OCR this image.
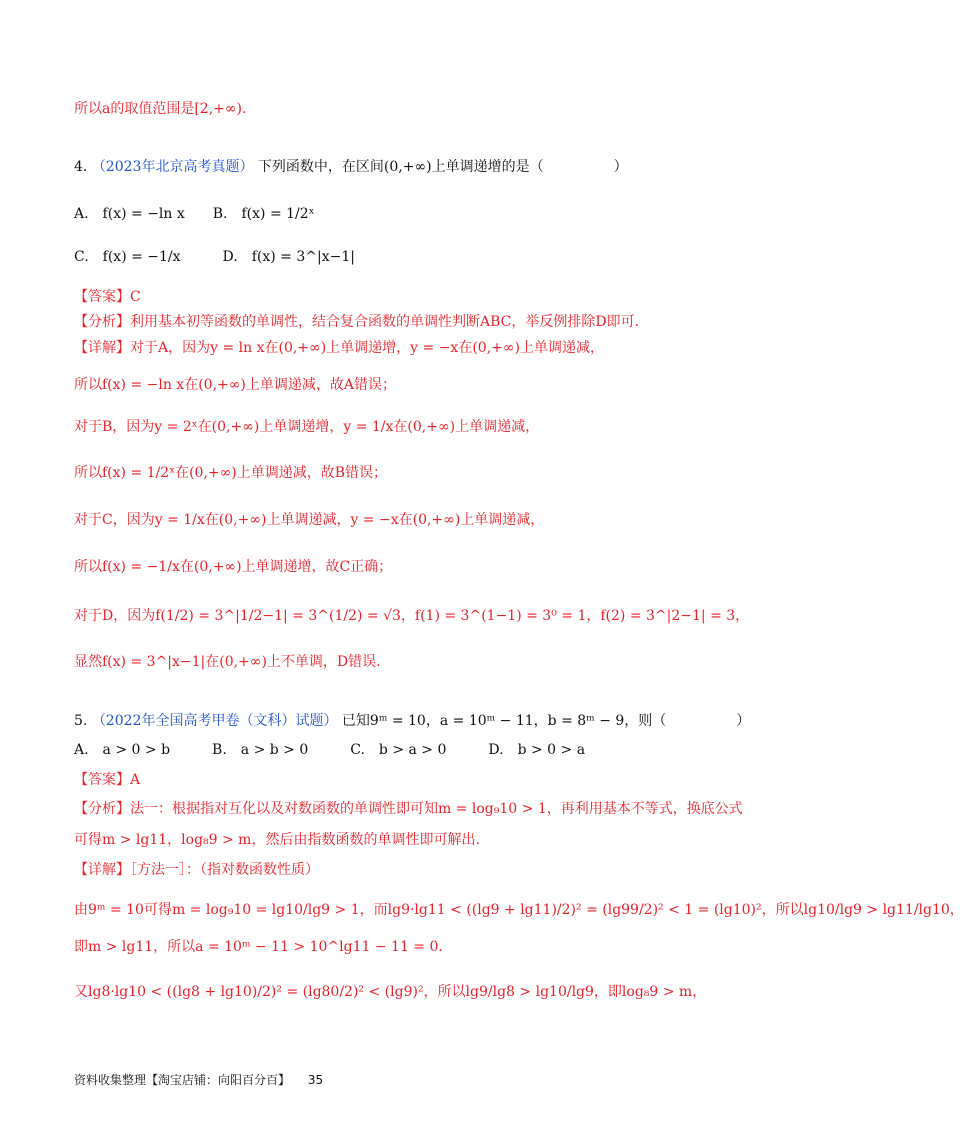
所以a的取值范围是[2,+∞).
4. （2023年北京高考真题） 下列函数中，在区间(0,+∞)上单调递增的是（　　　　　）
A.　f(x) = −ln x　　B.　f(x) = 1/2ˣ
C.　f(x) = −1/x　　　D.　f(x) = 3^|x−1|
【答案】C
【分析】利用基本初等函数的单调性，结合复合函数的单调性判断ABC，举反例排除D即可.
【详解】对于A，因为y = ln x在(0,+∞)上单调递增，y = −x在(0,+∞)上单调递减，
所以f(x) = −ln x在(0,+∞)上单调递减，故A错误；
对于B，因为y = 2ˣ在(0,+∞)上单调递增，y = 1/x在(0,+∞)上单调递减，
所以f(x) = 1/2ˣ在(0,+∞)上单调递减，故B错误；
对于C，因为y = 1/x在(0,+∞)上单调递减，y = −x在(0,+∞)上单调递减，
所以f(x) = −1/x在(0,+∞)上单调递增，故C正确；
对于D，因为f(1/2) = 3^|1/2−1| = 3^(1/2) = √3，f(1) = 3^(1−1) = 3⁰ = 1，f(2) = 3^|2−1| = 3，
显然f(x) = 3^|x−1|在(0,+∞)上不单调，D错误.
5. （2022年全国高考甲卷（文科）试题） 已知9ᵐ = 10，a = 10ᵐ − 11，b = 8ᵐ − 9，则（　　　　　）
A.　a > 0 > b　　　B.　a > b > 0　　　C.　b > a > 0　　　D.　b > 0 > a
【答案】A
【分析】法一：根据指对互化以及对数函数的单调性即可知m = log₉10 > 1，再利用基本不等式，换底公式
可得m > lg11，log₈9 > m，然后由指数函数的单调性即可解出.
【详解】［方法一］：（指对数函数性质）
由9ᵐ = 10可得m = log₉10 = lg10/lg9 > 1，而lg9·lg11 < ((lg9 + lg11)/2)² = (lg99/2)² < 1 = (lg10)²，所以lg10/lg9 > lg11/lg10，
即m > lg11，所以a = 10ᵐ − 11 > 10^lg11 − 11 = 0.
又lg8·lg10 < ((lg8 + lg10)/2)² = (lg80/2)² < (lg9)²，所以lg9/lg8 > lg10/lg9，即log₈9 > m，
资料收集整理【淘宝店铺：向阳百分百】 35
